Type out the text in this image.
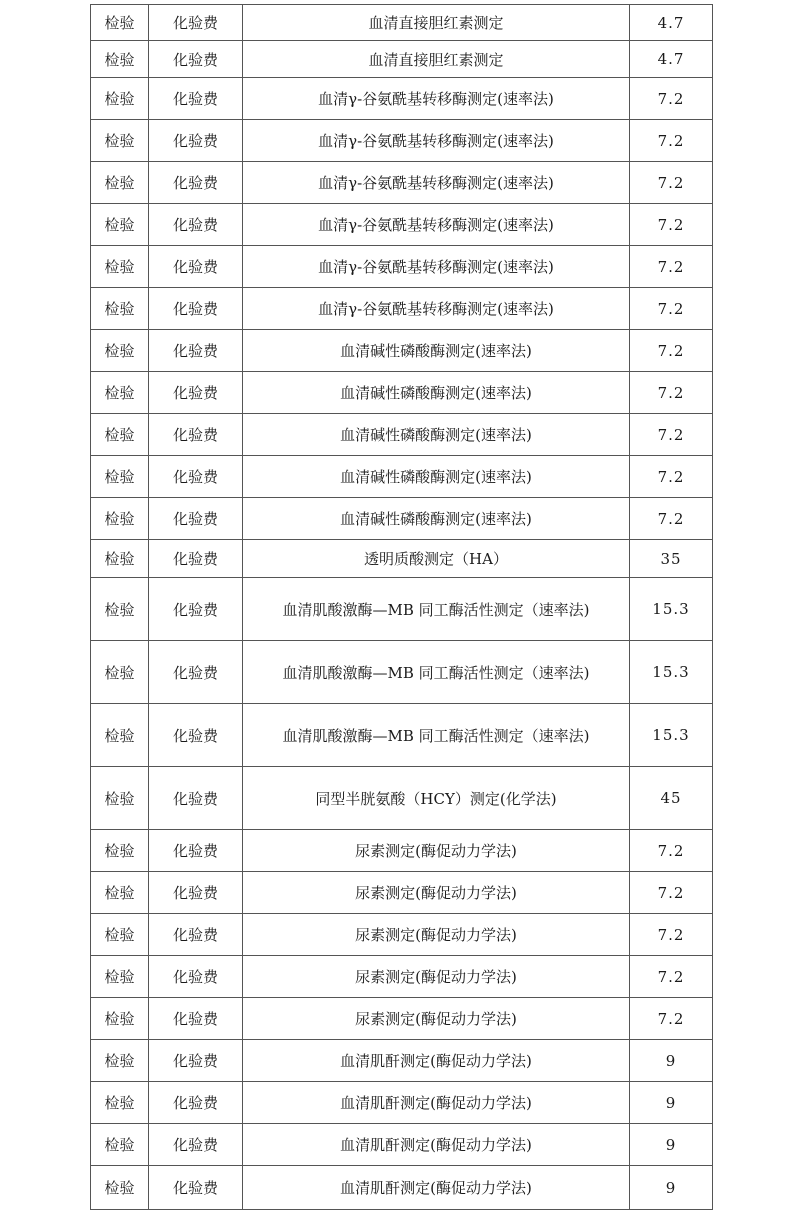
检验	化验费	血清直接胆红素测定	4.7
检验	化验费	血清直接胆红素测定	4.7
检验	化验费	血清γ-谷氨酰基转移酶测定(速率法)	7.2
检验	化验费	血清γ-谷氨酰基转移酶测定(速率法)	7.2
检验	化验费	血清γ-谷氨酰基转移酶测定(速率法)	7.2
检验	化验费	血清γ-谷氨酰基转移酶测定(速率法)	7.2
检验	化验费	血清γ-谷氨酰基转移酶测定(速率法)	7.2
检验	化验费	血清γ-谷氨酰基转移酶测定(速率法)	7.2
检验	化验费	血清碱性磷酸酶测定(速率法)	7.2
检验	化验费	血清碱性磷酸酶测定(速率法)	7.2
检验	化验费	血清碱性磷酸酶测定(速率法)	7.2
检验	化验费	血清碱性磷酸酶测定(速率法)	7.2
检验	化验费	血清碱性磷酸酶测定(速率法)	7.2
检验	化验费	透明质酸测定（HA）	35
检验	化验费	血清肌酸激酶—MB 同工酶活性测定（速率法)	15.3
检验	化验费	血清肌酸激酶—MB 同工酶活性测定（速率法)	15.3
检验	化验费	血清肌酸激酶—MB 同工酶活性测定（速率法)	15.3
检验	化验费	同型半胱氨酸（HCY）测定(化学法)	45
检验	化验费	尿素测定(酶促动力学法)	7.2
检验	化验费	尿素测定(酶促动力学法)	7.2
检验	化验费	尿素测定(酶促动力学法)	7.2
检验	化验费	尿素测定(酶促动力学法)	7.2
检验	化验费	尿素测定(酶促动力学法)	7.2
检验	化验费	血清肌酐测定(酶促动力学法)	9
检验	化验费	血清肌酐测定(酶促动力学法)	9
检验	化验费	血清肌酐测定(酶促动力学法)	9
检验	化验费	血清肌酐测定(酶促动力学法)	9
